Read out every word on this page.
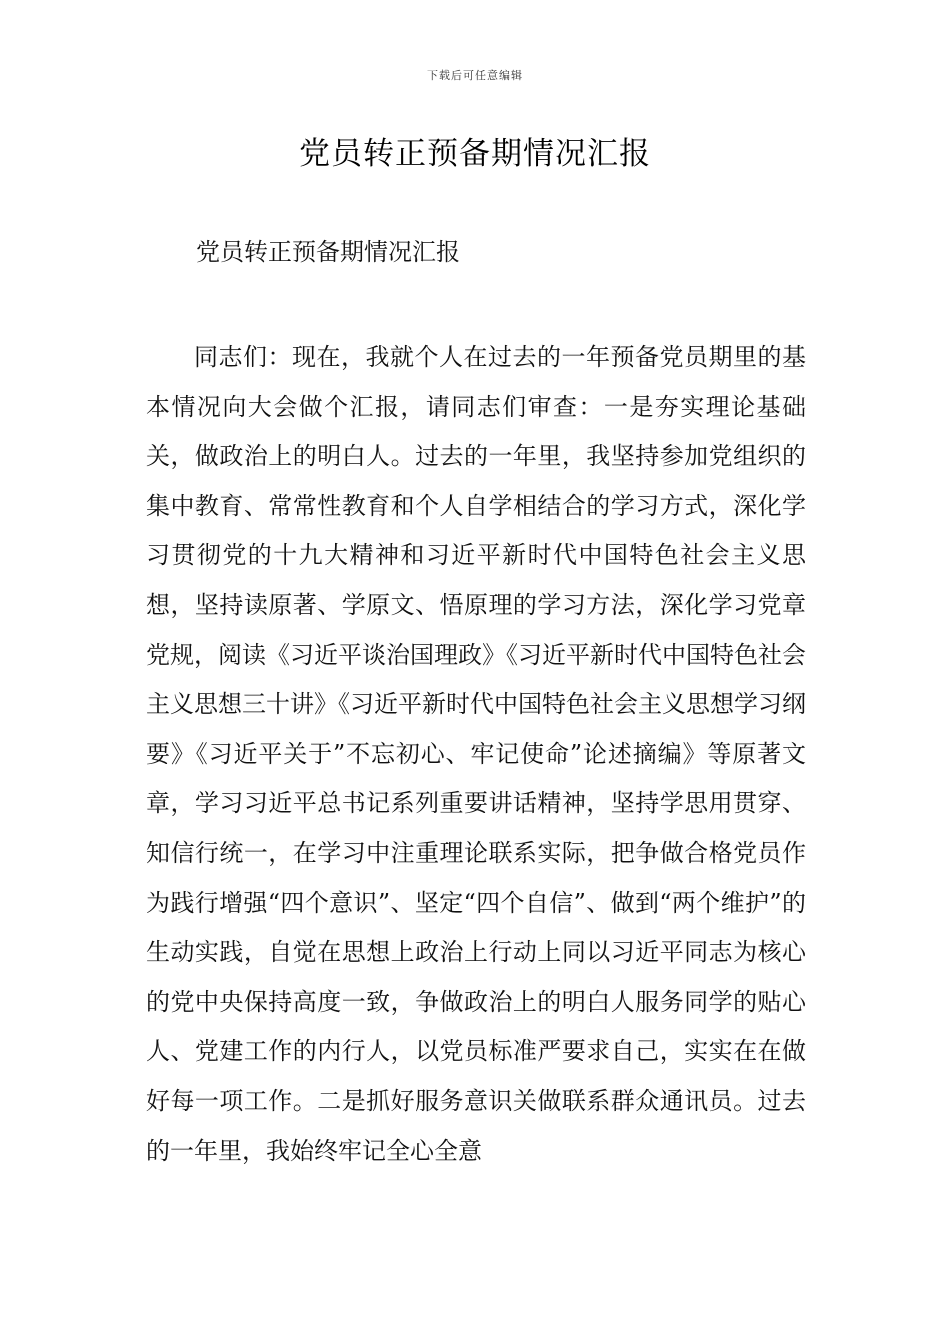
下载后可任意编辑
党员转正预备期情况汇报
党员转正预备期情况汇报

同志们：现在，我就个人在过去的一年预备党员期里的基本情况向大会做个汇报，请同志们审查：一是夯实理论基础关，做政治上的明白人。过去的一年里，我坚持参加党组织的集中教育、常常性教育和个人自学相结合的学习方式，深化学习贯彻党的十九大精神和习近平新时代中国特色社会主义思想，坚持读原著、学原文、悟原理的学习方法，深化学习党章党规，阅读《习近平谈治国理政》《习近平新时代中国特色社会主义思想三十讲》《习近平新时代中国特色社会主义思想学习纲要》《习近平关于”不忘初心、牢记使命”论述摘编》等原著文章，学习习近平总书记系列重要讲话精神，坚持学思用贯穿、知信行统一，在学习中注重理论联系实际，把争做合格党员作为践行增强“四个意识”、坚定“四个自信”、做到“两个维护”的生动实践，自觉在思想上政治上行动上同以习近平同志为核心的党中央保持高度一致，争做政治上的明白人服务同学的贴心人、党建工作的内行人，以党员标准严要求自己，实实在在做好每一项工作。二是抓好服务意识关做联系群众通讯员。过去的一年里，我始终牢记全心全意
